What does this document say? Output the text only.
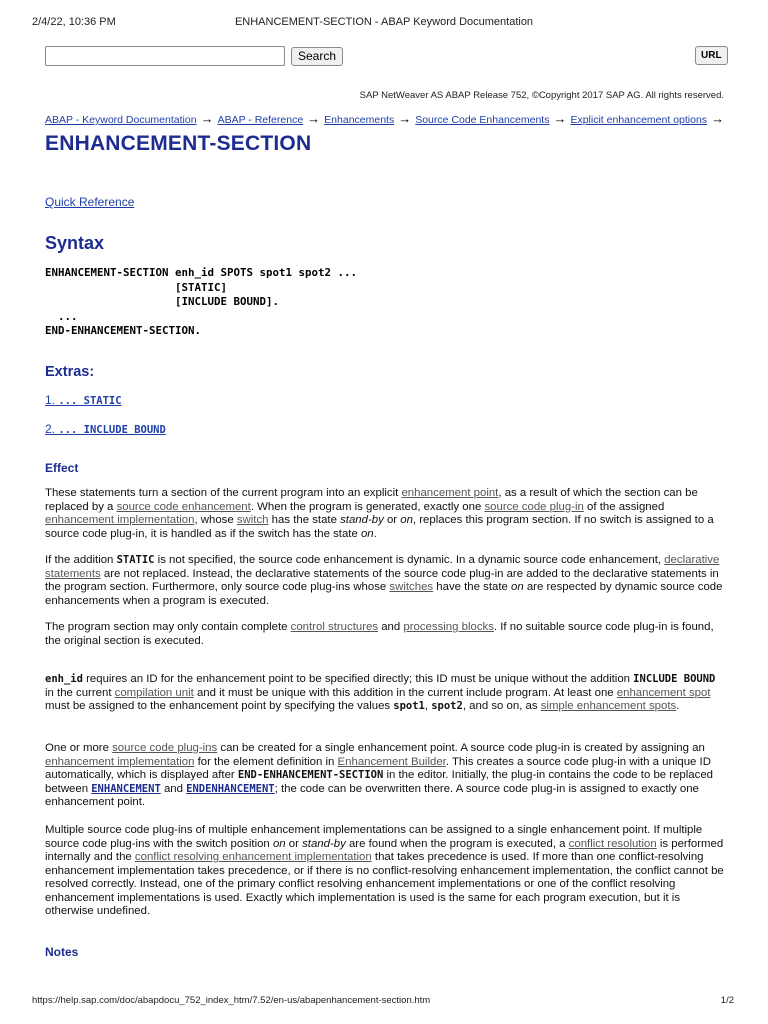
ENHANCEMENT-SECTION - ABAP Keyword Documentation
2/4/22, 10:36 PM
Search	URL
SAP NetWeaver AS ABAP Release 752, ©Copyright 2017 SAP AG. All rights reserved.
ABAP - Keyword Documentation → ABAP - Reference → Enhancements → Source Code Enhancements → Explicit enhancement options →
ENHANCEMENT-SECTION
Quick Reference
Syntax
ENHANCEMENT-SECTION enh_id SPOTS spot1 spot2 ...
[STATIC]
[INCLUDE BOUND].
...
END-ENHANCEMENT-SECTION.
Extras:
1. ... STATIC
2. ... INCLUDE BOUND
Effect

These statements turn a section of the current program into an explicit enhancement point, as a result of which the section can be replaced by a source code enhancement. When the program is generated, exactly one source code plug-in of the assigned enhancement implementation, whose switch has the state stand-by or on, replaces this program section. If no switch is assigned to a source code plug-in, it is handled as if the switch has the state on.

If the addition STATIC is not specified, the source code enhancement is dynamic. In a dynamic source code enhancement, declarative statements are not replaced. Instead, the declarative statements of the source code plug-in are added to the declarative statements in the program section. Furthermore, only source code plug-ins whose switches have the state on are respected by dynamic source code enhancements when a program is executed.

The program section may only contain complete control structures and processing blocks. If no suitable source code plug-in is found, the original section is executed.

enh_id requires an ID for the enhancement point to be specified directly; this ID must be unique without the addition INCLUDE BOUND in the current compilation unit and it must be unique with this addition in the current include program. At least one enhancement spot must be assigned to the enhancement point by specifying the values spot1, spot2, and so on, as simple enhancement spots.

One or more source code plug-ins can be created for a single enhancement point. A source code plug-in is created by assigning an enhancement implementation for the element definition in Enhancement Builder. This creates a source code plug-in with a unique ID automatically, which is displayed after END-ENHANCEMENT-SECTION in the editor. Initially, the plug-in contains the code to be replaced between ENHANCEMENT and ENDENHANCEMENT; the code can be overwritten there. A source code plug-in is assigned to exactly one enhancement point.

Multiple source code plug-ins of multiple enhancement implementations can be assigned to a single enhancement point. If multiple source code plug-ins with the switch position on or stand-by are found when the program is executed, a conflict resolution is performed internally and the conflict resolving enhancement implementation that takes precedence is used. If more than one conflict-resolving enhancement implementation takes precedence, or if there is no conflict-resolving enhancement implementation, the conflict cannot be resolved correctly. Instead, one of the primary conflict resolving enhancement implementations or one of the conflict resolving enhancement implementations is used. Exactly which implementation is used is the same for each program execution, but it is otherwise undefined.

Notes
https://help.sap.com/doc/abapdocu_752_index_htm/7.52/en-us/abapenhancement-section.htm	1/2
